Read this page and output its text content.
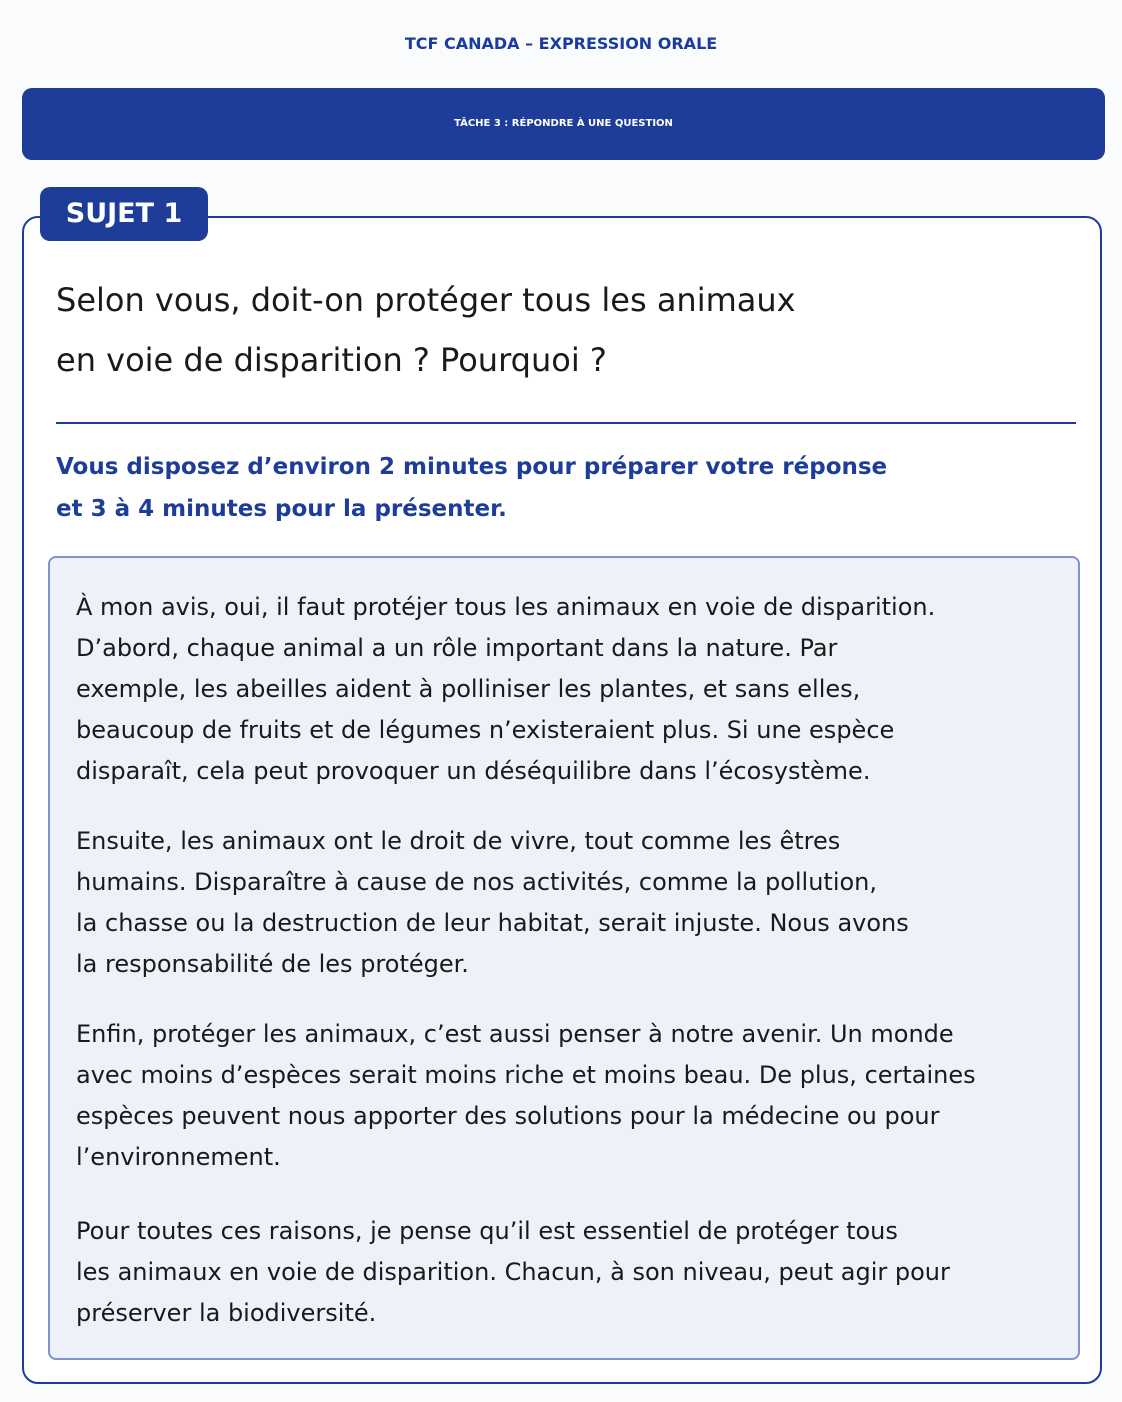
TCF CANADA – EXPRESSION ORALE
TÂCHE 3 : RÉPONDRE À UNE QUESTION
SUJET 1
Selon vous, doit-on protéger tous les animaux
en voie de disparition ? Pourquoi ?
Vous disposez d’environ 2 minutes pour préparer votre réponse
et 3 à 4 minutes pour la présenter.
À mon avis, oui, il faut protéjer tous les animaux en voie de disparition.
D’abord, chaque animal a un rôle important dans la nature. Par
exemple, les abeilles aident à polliniser les plantes, et sans elles,
beaucoup de fruits et de légumes n’existeraient plus. Si une espèce
disparaît, cela peut provoquer un déséquilibre dans l’écosystème.
Ensuite, les animaux ont le droit de vivre, tout comme les êtres
humains. Disparaître à cause de nos activités, comme la pollution,
la chasse ou la destruction de leur habitat, serait injuste. Nous avons
la responsabilité de les protéger.
Enfin, protéger les animaux, c’est aussi penser à notre avenir. Un monde
avec moins d’espèces serait moins riche et moins beau. De plus, certaines
espèces peuvent nous apporter des solutions pour la médecine ou pour
l’environnement.
Pour toutes ces raisons, je pense qu’il est essentiel de protéger tous
les animaux en voie de disparition. Chacun, à son niveau, peut agir pour
préserver la biodiversité.
